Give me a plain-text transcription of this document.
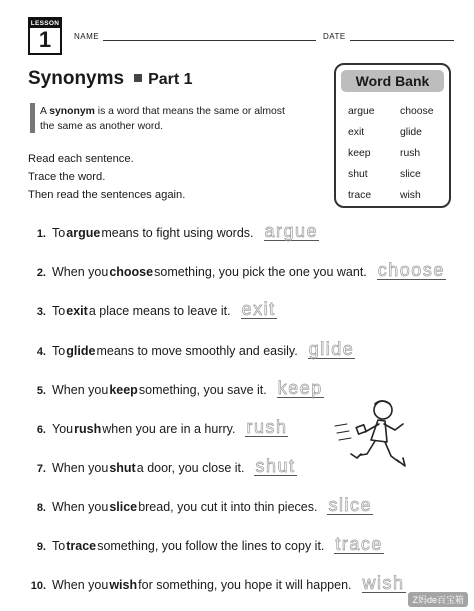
LESSON
1	NAME	DATE
Synonyms Part 1
A synonym is a word that means the same or almost the same as another word.
Read each sentence.
Trace the word.
Then read the sentences again.
Word Bank
argue choose
exit	glide
keep	rush
shut	slice
trace	wish
1. To
  argue
  means to fight using words. argue
2. When you
  choose
  something, you pick the one you want. choose
3. To
  exit
  a place means to leave it. exit
4. To
  glide
  means to move smoothly and easily. glide
5. When you
  keep
  something, you save it. keep
6. You
  rush
  when you are in a hurry. rush
7. When you
  shut
  a door, you close it. shut
8. When you
  slice
  bread, you cut it into thin pieces. slice
9. To
  trace
  something, you follow the lines to copy it. trace
10. When you
  wish
  for something, you hope it will happen. wish
Z妈de百宝箱
